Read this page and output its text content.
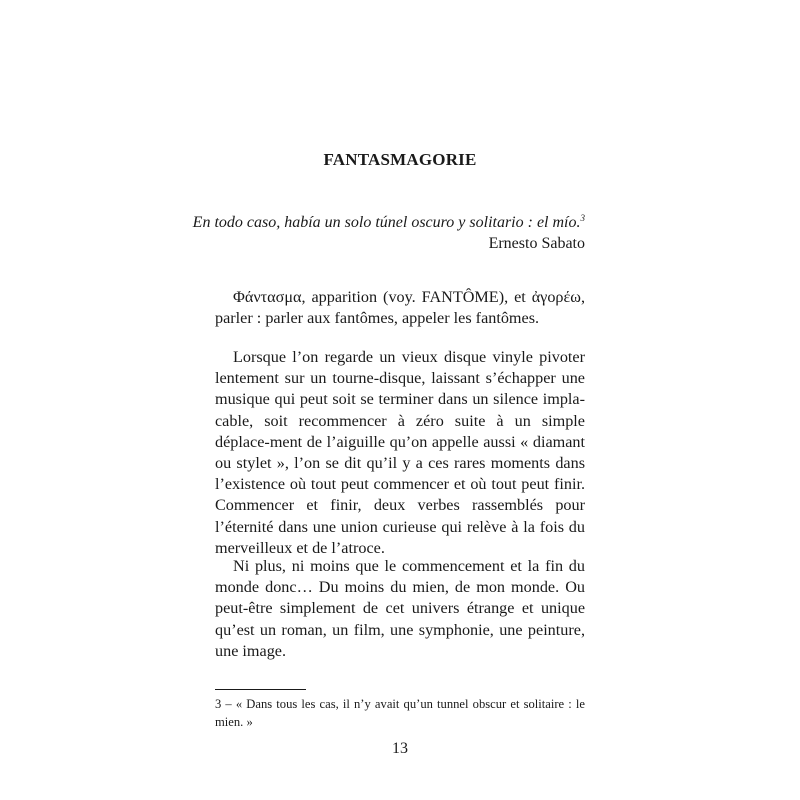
FANTASMAGORIE
En todo caso, había un solo túnel oscuro y solitario : el mío.$^3$
Ernesto Sabato

Φάντασμα, apparition (voy. FANTÔME), et ἀγορέω, parler : parler aux fantômes, appeler les fantômes.

Lorsque l’on regarde un vieux disque vinyle pivoter lentement sur un tourne-disque, laissant s’échapper une musique qui peut soit se terminer dans un silence impla-cable, soit recommencer à zéro suite à un simple déplace-ment de l’aiguille qu’on appelle aussi « diamant ou stylet », l’on se dit qu’il y a ces rares moments dans l’existence où tout peut commencer et où tout peut finir. Commencer et finir, deux verbes rassemblés pour l’éternité dans une union curieuse qui relève à la fois du merveilleux et de l’atroce.

Ni plus, ni moins que le commencement et la fin du monde donc… Du moins du mien, de mon monde. Ou peut-être simplement de cet univers étrange et unique qu’est un roman, un film, une symphonie, une peinture, une image.

3 – « Dans tous les cas, il n’y avait qu’un tunnel obscur et solitaire : le mien. »
13
